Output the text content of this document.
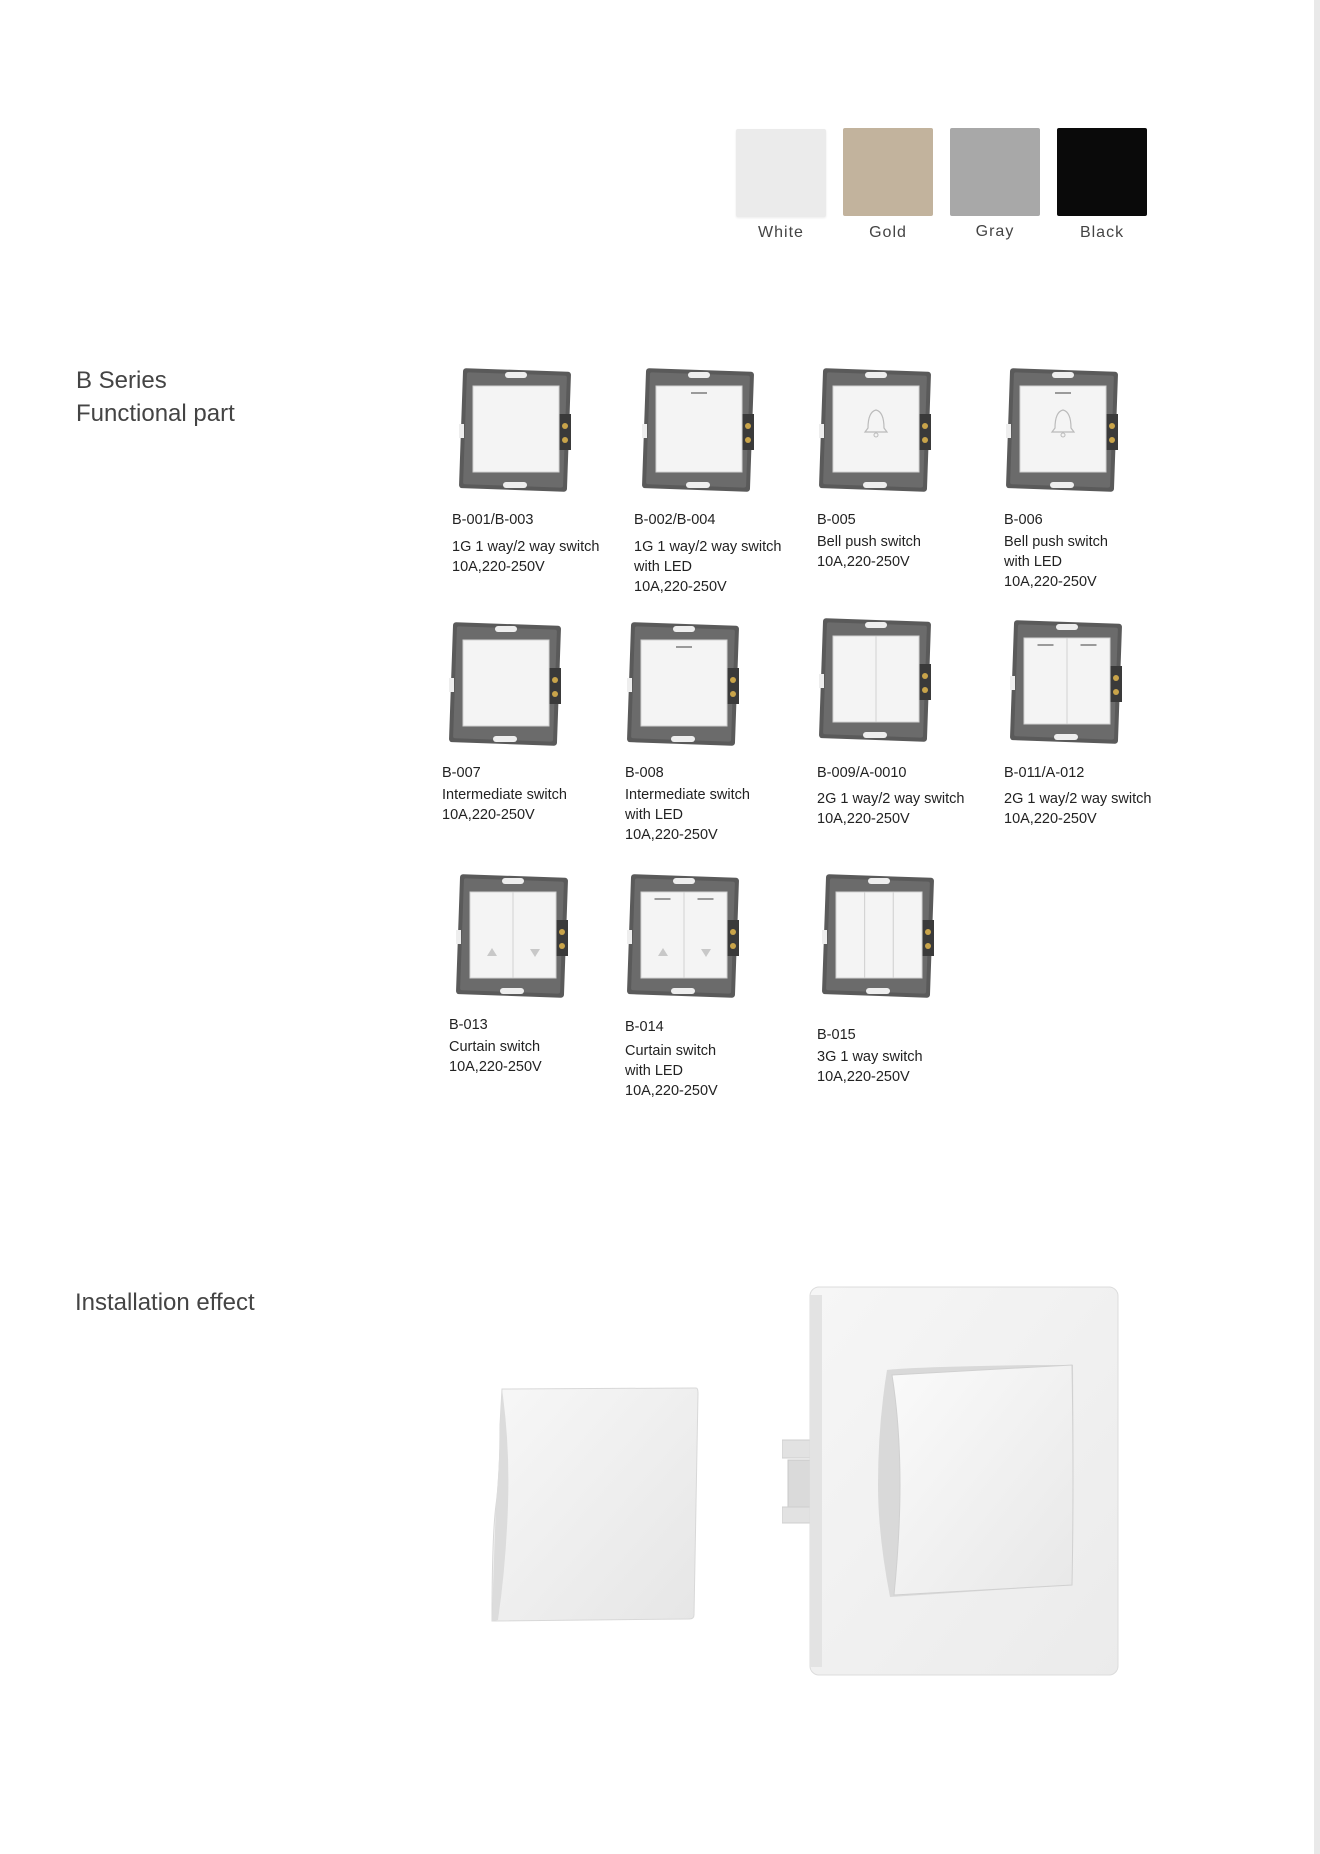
White	Gold	Gray	Black
B Series
Functional part
B-001/B-003
1G 1 way/2 way switch
10A,220-250V
B-002/B-004
1G 1 way/2 way switch
with LED
10A,220-250V
B-005
Bell push switch
10A,220-250V
B-006
Bell push switch
with LED
10A,220-250V
B-007
Intermediate switch
10A,220-250V
B-008
Intermediate switch
with LED
10A,220-250V
B-009/A-0010
2G 1 way/2 way switch
10A,220-250V
B-011/A-012
2G 1 way/2 way switch
10A,220-250V
B-013
Curtain switch
10A,220-250V
B-014
Curtain switch
with LED
10A,220-250V
B-015
3G 1 way switch
10A,220-250V
Installation effect
